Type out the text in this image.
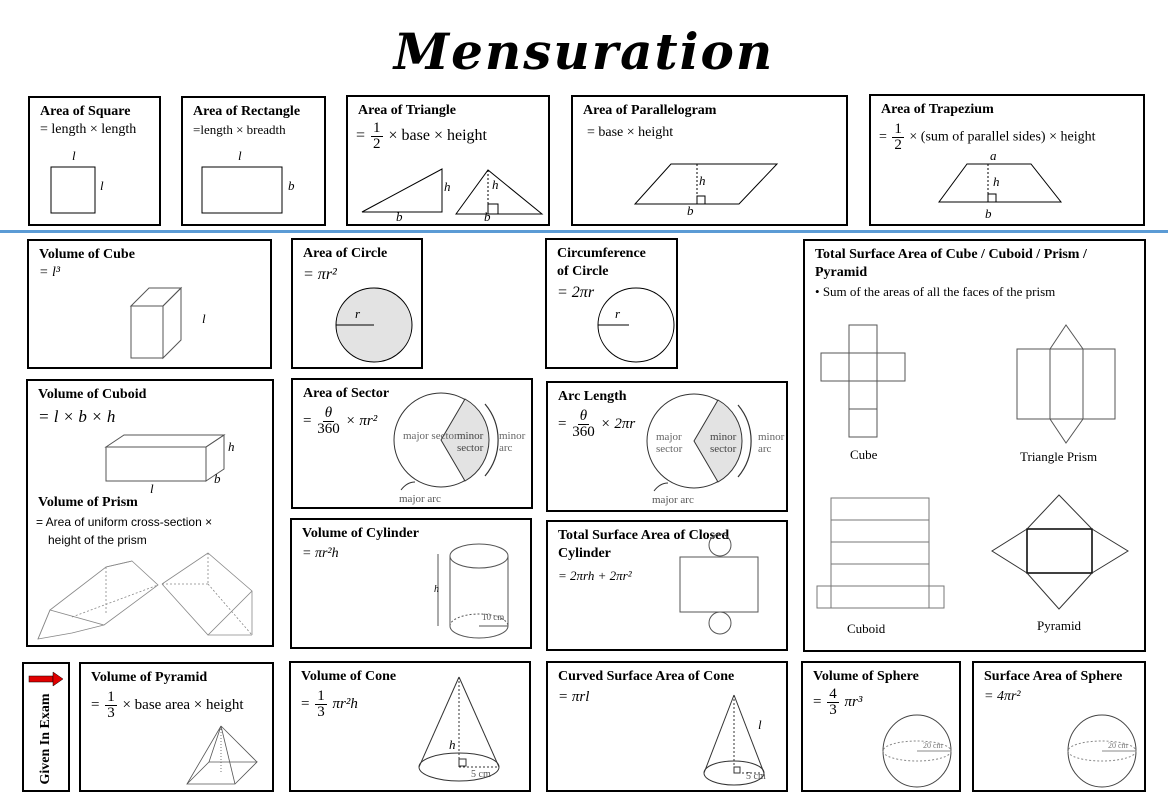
Mensuration
Area of Square
= length × length
l
l
Area of Rectangle
=length × breadth
l
b
Area of Triangle
= $\frac{1}{2}$ × base × height
h
b
h
b
Area of Parallelogram
= base × height
h
b
Area of Trapezium
= $\frac{1}{2} \times (sum$ of parallel sides) × height
a
h
b
Volume of Cube
= l³
l
Area of Circle
= πr²
r
Circumference
of Circle
= 2πr
r
Total Surface Area of Cube / Cuboid / Prism /
Pyramid
• Sum of the areas of all the faces of the prism
Cube	Triangle Prism
Cuboid	Pyramid
Volume of Cuboid
= l × b × h
h
b
l
Volume of Prism
= Area of uniform cross-section ×
height of the prism
Area of Sector
= $\frac{\theta}{360} \times \pi r^2$
major sector minor sector
minor arc
major arc
Arc Length
= $\frac{\theta}{360} \times 2\pi r$
major sector
minor sector
minor arc
major arc
Volume of Cylinder
= πr²h
h
10 cm
Total Surface Area of Closed
Cylinder
= 2πrh + 2πr²
Given In Exam
Volume of Pyramid
= $\frac{1}{3}$ × base area × height
Volume of Cone
= $\frac{1}{3} \pi r^2h$
h
5 cm
Curved Surface Area of Cone
= πrl
l
5 cm
Volume of Sphere
= $\frac{4}{3} \pi r^3$
20 cm
Surface Area of Sphere
= 4πr²
20 cm
